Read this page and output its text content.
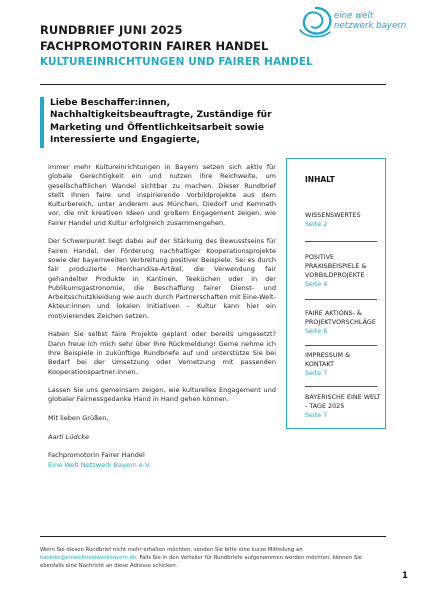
RUNDBRIEF JUNI 2025
FACHPROMOTORIN FAIRER HANDEL
KULTUREINRICHTUNGEN UND FAIRER HANDEL
eine welt
netzwerk bayern
Liebe Beschaffer:innen, Nachhaltigkeitsbeauftragte, Zuständige für Marketing und Öffentlichkeitsarbeit sowie Interessierte und Engagierte,

immer mehr Kultureinrichtungen in Bayern setzen sich aktiv für globale Gerechtigkeit ein und nutzen ihre Reichweite, um gesellschaftlichen Wandel sichtbar zu machen. Dieser Rundbrief stellt Ihnen faire und inspirierende Vorbildprojekte aus dem Kulturbereich, unter anderem aus München, Diedorf und Kemnath vor, die mit kreativen Ideen und großem Engagement zeigen, wie Fairer Handel und Kultur erfolgreich zusammengehen.

Der Schwerpunkt liegt dabei auf der Stärkung des Bewusstseins für Fairen Handel, der Förderung nachhaltiger Kooperationsprojekte sowie der bayernweiten Verbreitung positiver Beispiele. Sei es durch fair produzierte Merchandise-Artikel, die Verwendung fair gehandelter Produkte in Kantinen, Teeküchen oder in der Publikumsgastronomie, die Beschaffung fairer Dienst- und Arbeitsschutzkleidung wie auch durch Partnerschaften mit Eine-Welt-Akteur:innen und lokalen Initiativen – Kultur kann hier ein motivierendes Zeichen setzen.

Haben Sie selbst faire Projekte geplant oder bereits umgesetzt? Dann freue ich mich sehr über Ihre Rückmeldung! Gerne nehme ich Ihre Beispiele in zukünftige Rundbriefe auf und unterstütze Sie bei Bedarf bei der Umsetzung oder Vernetzung mit passenden Kooperationspartner:innen.

Lassen Sie uns gemeinsam zeigen, wie kulturelles Engagement und globaler Fairnessgedanke Hand in Hand gehen können.

Mit lieben Grüßen,

Aarti Lüdcke

Fachpromotorin Fairer Handel

Eine Welt Netzwerk Bayern e.V.

INHALT
WISSENSWERTES
Seite 2
POSITIVE PRAXISBEISPIELE & VORBILDPROJEKTE
Seite 4
FAIRE AKTIONS- & PROJEKTVORSCHLÄGE
Seite 6
IMPRESSUM & KONTAKT
Seite 7
BAYERISCHE EINE WELT - TAGE 2025
Seite 7
Wenn Sie diesen Rundbrief nicht mehr erhalten möchten, senden Sie bitte eine kurze Mitteilung an luedcke@einweltnetzwerkbayern.de. Falls Sie in den Verteiler für Rundbriefe aufgenommen werden möchten, können Sie ebenfalls eine Nachricht an diese Adresse schicken.
1
